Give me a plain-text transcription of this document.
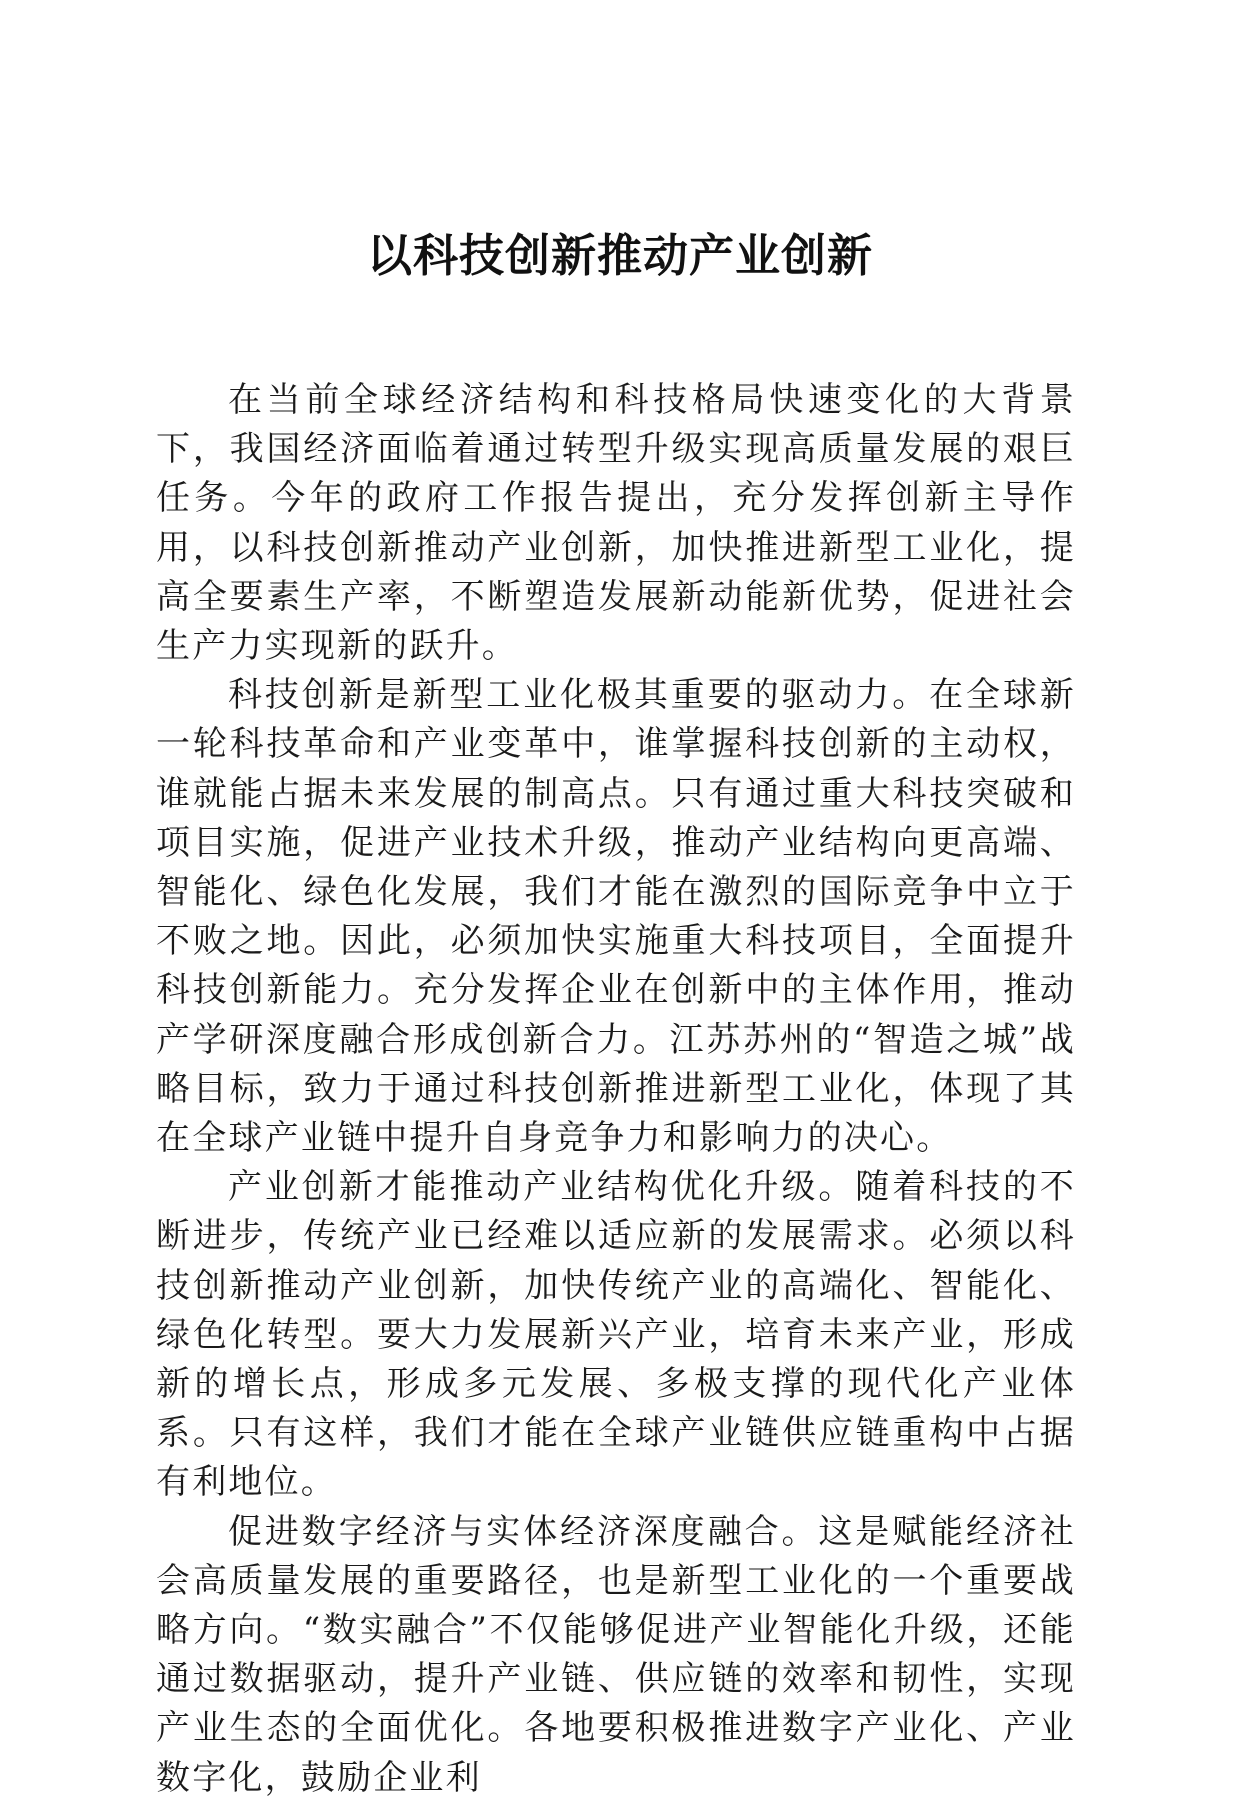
以科技创新推动产业创新

在当前全球经济结构和科技格局快速变化的大背景下，我国经济面临着通过转型升级实现高质量发展的艰巨任务。今年的政府工作报告提出，充分发挥创新主导作用，以科技创新推动产业创新，加快推进新型工业化，提高全要素生产率，不断塑造发展新动能新优势，促进社会生产力实现新的跃升。

科技创新是新型工业化极其重要的驱动力。在全球新一轮科技革命和产业变革中，谁掌握科技创新的主动权，谁就能占据未来发展的制高点。只有通过重大科技突破和项目实施，促进产业技术升级，推动产业结构向更高端、智能化、绿色化发展，我们才能在激烈的国际竞争中立于不败之地。因此，必须加快实施重大科技项目，全面提升科技创新能力。充分发挥企业在创新中的主体作用，推动产学研深度融合形成创新合力。江苏苏州的“智造之城”战略目标，致力于通过科技创新推进新型工业化，体现了其在全球产业链中提升自身竞争力和影响力的决心。

产业创新才能推动产业结构优化升级。随着科技的不断进步，传统产业已经难以适应新的发展需求。必须以科技创新推动产业创新，加快传统产业的高端化、智能化、绿色化转型。要大力发展新兴产业，培育未来产业，形成新的增长点，形成多元发展、多极支撑的现代化产业体系。只有这样，我们才能在全球产业链供应链重构中占据有利地位。

促进数字经济与实体经济深度融合。这是赋能经济社会高质量发展的重要路径，也是新型工业化的一个重要战略方向。“数实融合”不仅能够促进产业智能化升级，还能通过数据驱动，提升产业链、供应链的效率和韧性，实现产业生态的全面优化。各地要积极推进数字产业化、产业数字化，鼓励企业利
